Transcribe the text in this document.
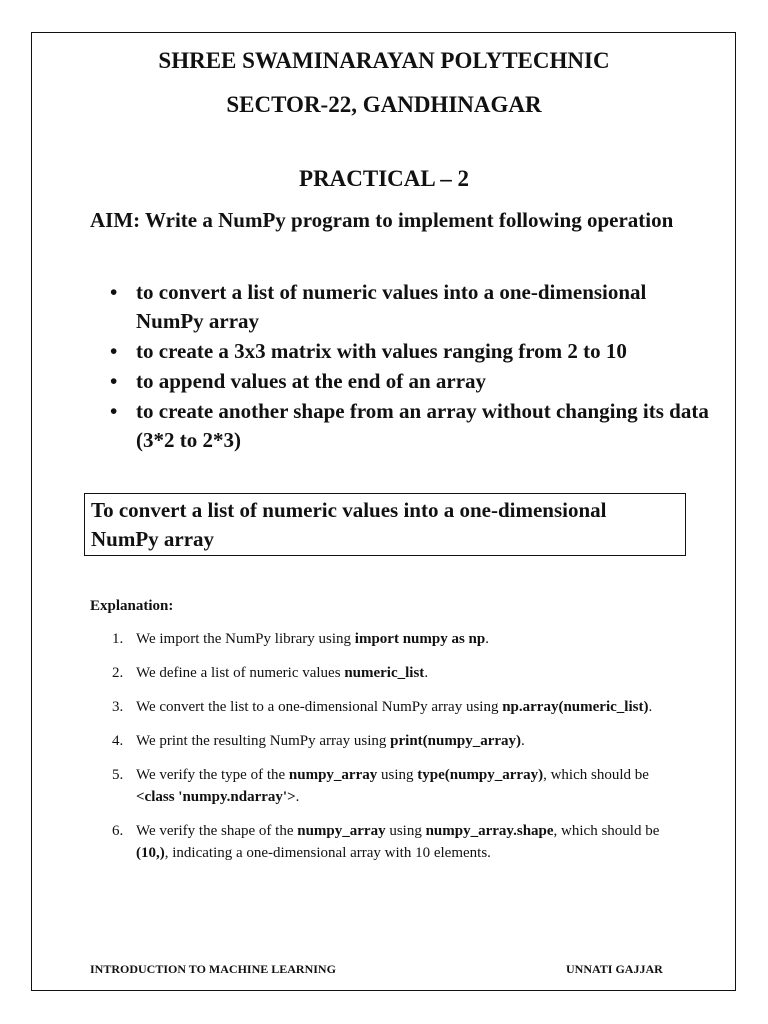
SHREE SWAMINARAYAN POLYTECHNIC
SECTOR-22, GANDHINAGAR
PRACTICAL – 2
AIM: Write a NumPy program to implement following operation
• to convert a list of numeric values into a one-dimensional NumPy array
• to create a 3x3 matrix with values ranging from 2 to 10
• to append values at the end of an array
• to create another shape from an array without changing its data (3*2 to 2*3)
To convert a list of numeric values into a one-dimensional NumPy array
Explanation:
1. We import the NumPy library using import numpy as np.
2. We define a list of numeric values numeric_list.
3. We convert the list to a one-dimensional NumPy array using np.array(numeric_list).
4. We print the resulting NumPy array using print(numpy_array).
5. We verify the type of the numpy_array using type(numpy_array), which should be <class 'numpy.ndarray'>.
6. We verify the shape of the numpy_array using numpy_array.shape, which should be (10,), indicating a one-dimensional array with 10 elements.
INTRODUCTION TO MACHINE LEARNING	UNNATI GAJJAR
